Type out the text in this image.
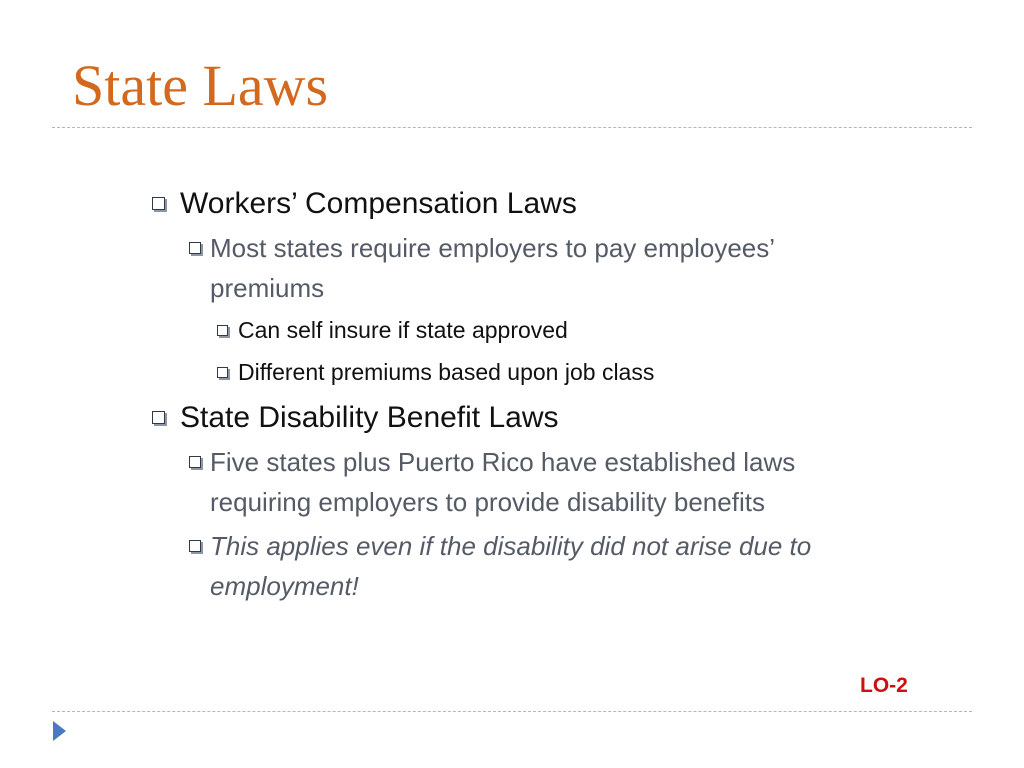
State Laws

Workers’ Compensation Laws

Most states require employers to pay employees’ premiums

Can self insure if state approved

Different premiums based upon job class

State Disability Benefit Laws

Five states plus Puerto Rico have established laws requiring employers to provide disability benefits

This applies even if the disability did not arise due to employment!

LO-2
